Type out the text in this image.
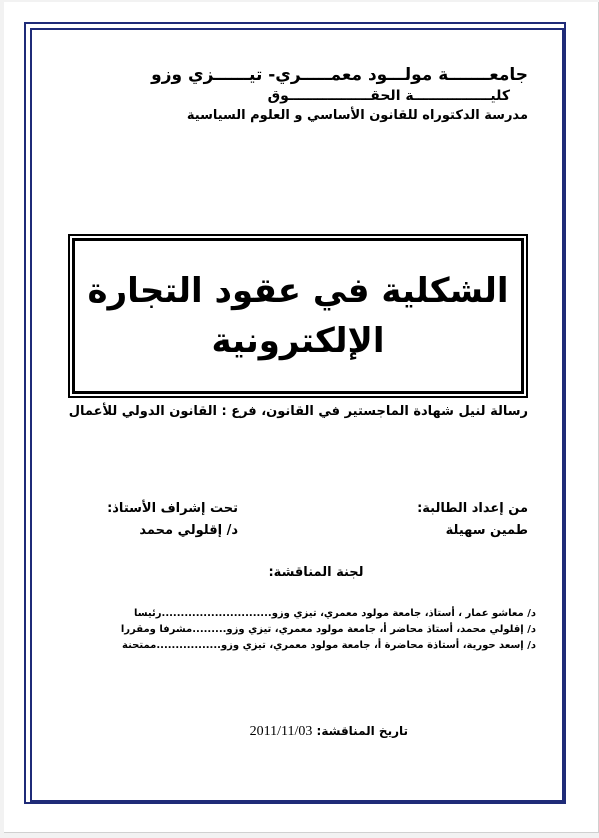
جامعـــــــة مولـــود معمـــــري- تيــــــزي وزو
كليــــــــــــــــة الحقـــــــــــــــــوق
مدرسة الدكتوراه للقانون الأساسي و العلوم السياسية
الشكلية في عقود التجارة
الإلكترونية
رسالة لنيل شهادة الماجستير في القانون، فرع : القانون الدولي للأعمال
من إعداد الطالبة:
طمين سهيلة
تحت إشراف الأستاذ:
د/ إقلولي محمد
لجنة المناقشة:
د/ معاشو عمار ، أستاذ، جامعة مولود معمري، تيزي وزو.............................رئيسا
د/ إقلولي محمد، أستاذ محاضر أ، جامعة مولود معمري، تيزي وزو.........مشرفا ومقررا
د/ إسعد حورية، أستاذة محاضرة أ، جامعة مولود معمري، تيزي وزو.................ممتحنة
تاريخ المناقشة: 2011/11/03
